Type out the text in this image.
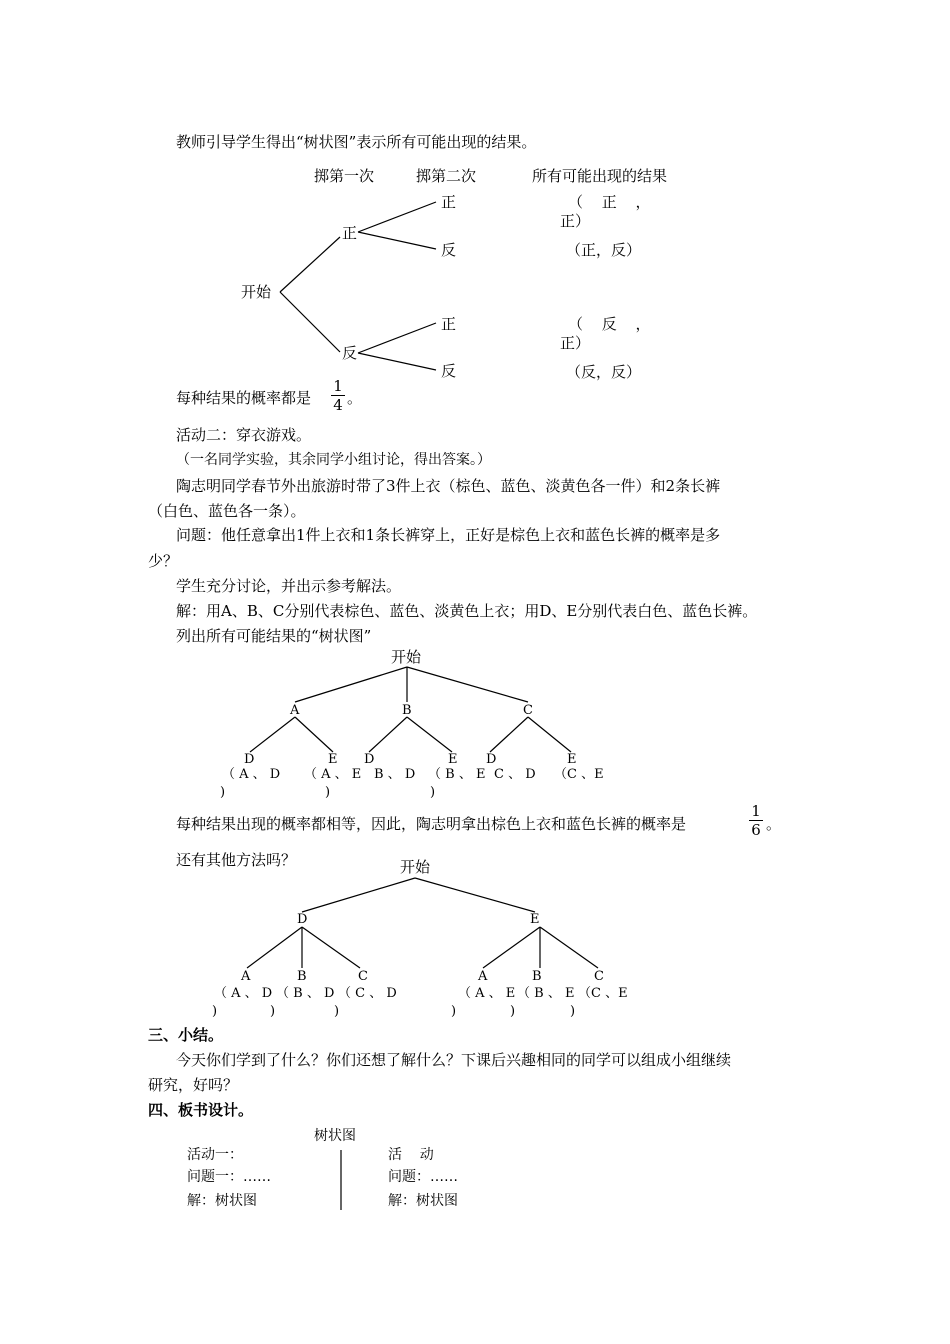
教师引导学生得出“树状图”表示所有可能出现的结果。
掷第一次	掷第二次	所有可能出现的结果
开始
正
反
正
反
正
反
（ 正 ，
正）
（正，反）
（ 反 ，
正）
（反，反）
每种结果的概率都是
1
4 。
活动二：穿衣游戏。
（一名同学实验，其余同学小组讨论，得出答案。）
陶志明同学春节外出旅游时带了3件上衣（棕色、蓝色、淡黄色各一件）和2条长裤
（白色、蓝色各一条）。
问题：他任意拿出1件上衣和1条长裤穿上，正好是棕色上衣和蓝色长裤的概率是多
少？
学生充分讨论，并出示参考解法。
解：用A、B、C分别代表棕色、蓝色、淡黄色上衣；用D、E分别代表白色、蓝色长裤。
列出所有可能结果的“树状图”
开始
A	B	C
D	E D	E D	E
（ A 、 D （ A 、 E B 、 D （ B 、 E C 、 D （C 、E
)	)	)
每种结果出现的概率都相等，因此，陶志明拿出棕色上衣和蓝色长裤的概率是
1
6 。
还有其他方法吗？	开始
D	E
A	B	C	A	B	C
（ A 、 D （ B 、 D （ C 、 D	（ A 、 E （ B 、 E （C 、E
)	)	)	)	)	)
三、小结。
今天你们学到了什么？你们还想了解什么？下课后兴趣相同的同学可以组成小组继续
研究，好吗？
四、板书设计。
树状图
活动一：
问题一：……
解：树状图
活    动
问题：……
解：树状图
